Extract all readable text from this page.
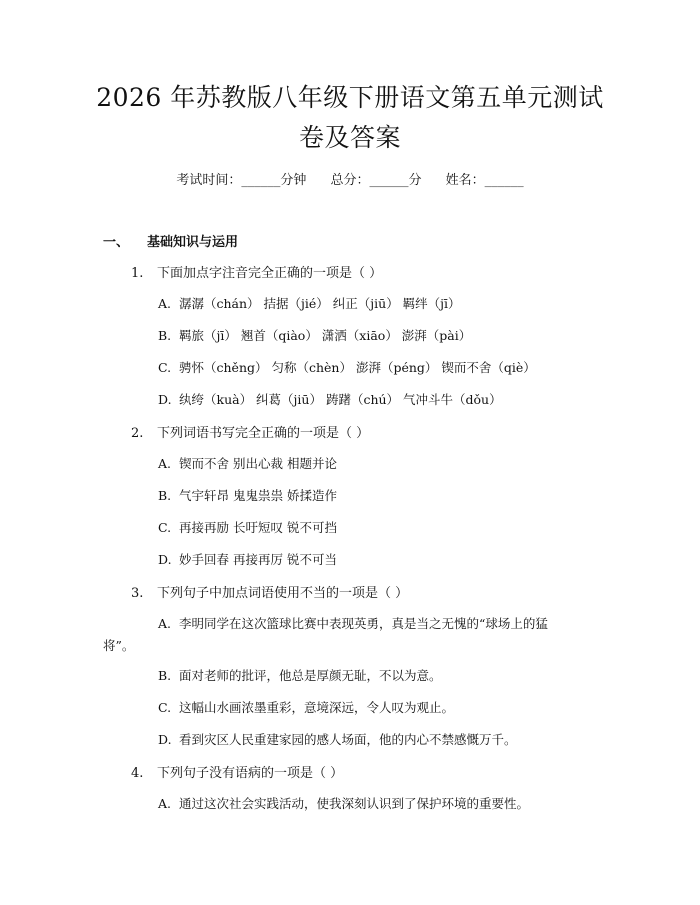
2026 年苏教版八年级下册语文第五单元测试
卷及答案
考试时间：______分钟 总分：______分 姓名：______
一、 基础知识与运用
1. 下面加点字注音完全正确的一项是（ ）
A. 潺潺（chán） 拮据（jié） 纠正（jiū） 羁绊（jī）
B. 羁旅（jī） 翘首（qiào） 潇洒（xiāo） 澎湃（pài）
C. 骋怀（chěng） 匀称（chèn） 澎湃（péng） 锲而不舍（qiè）
D. 纨绔（kuà） 纠葛（jiū） 踌躇（chú） 气冲斗牛（dǒu）
2. 下列词语书写完全正确的一项是（ ）
A. 锲而不舍 别出心裁 相题并论
B. 气宇轩昂 鬼鬼祟祟 娇揉造作
C. 再接再励 长吁短叹 锐不可挡
D. 妙手回春 再接再厉 锐不可当
3. 下列句子中加点词语使用不当的一项是（ ）
A. 李明同学在这次篮球比赛中表现英勇，真是当之无愧的“球场上的猛
将”。
B. 面对老师的批评，他总是厚颜无耻，不以为意。
C. 这幅山水画浓墨重彩，意境深远，令人叹为观止。
D. 看到灾区人民重建家园的感人场面，他的内心不禁感慨万千。
4. 下列句子没有语病的一项是（ ）
A. 通过这次社会实践活动，使我深刻认识到了保护环境的重要性。
